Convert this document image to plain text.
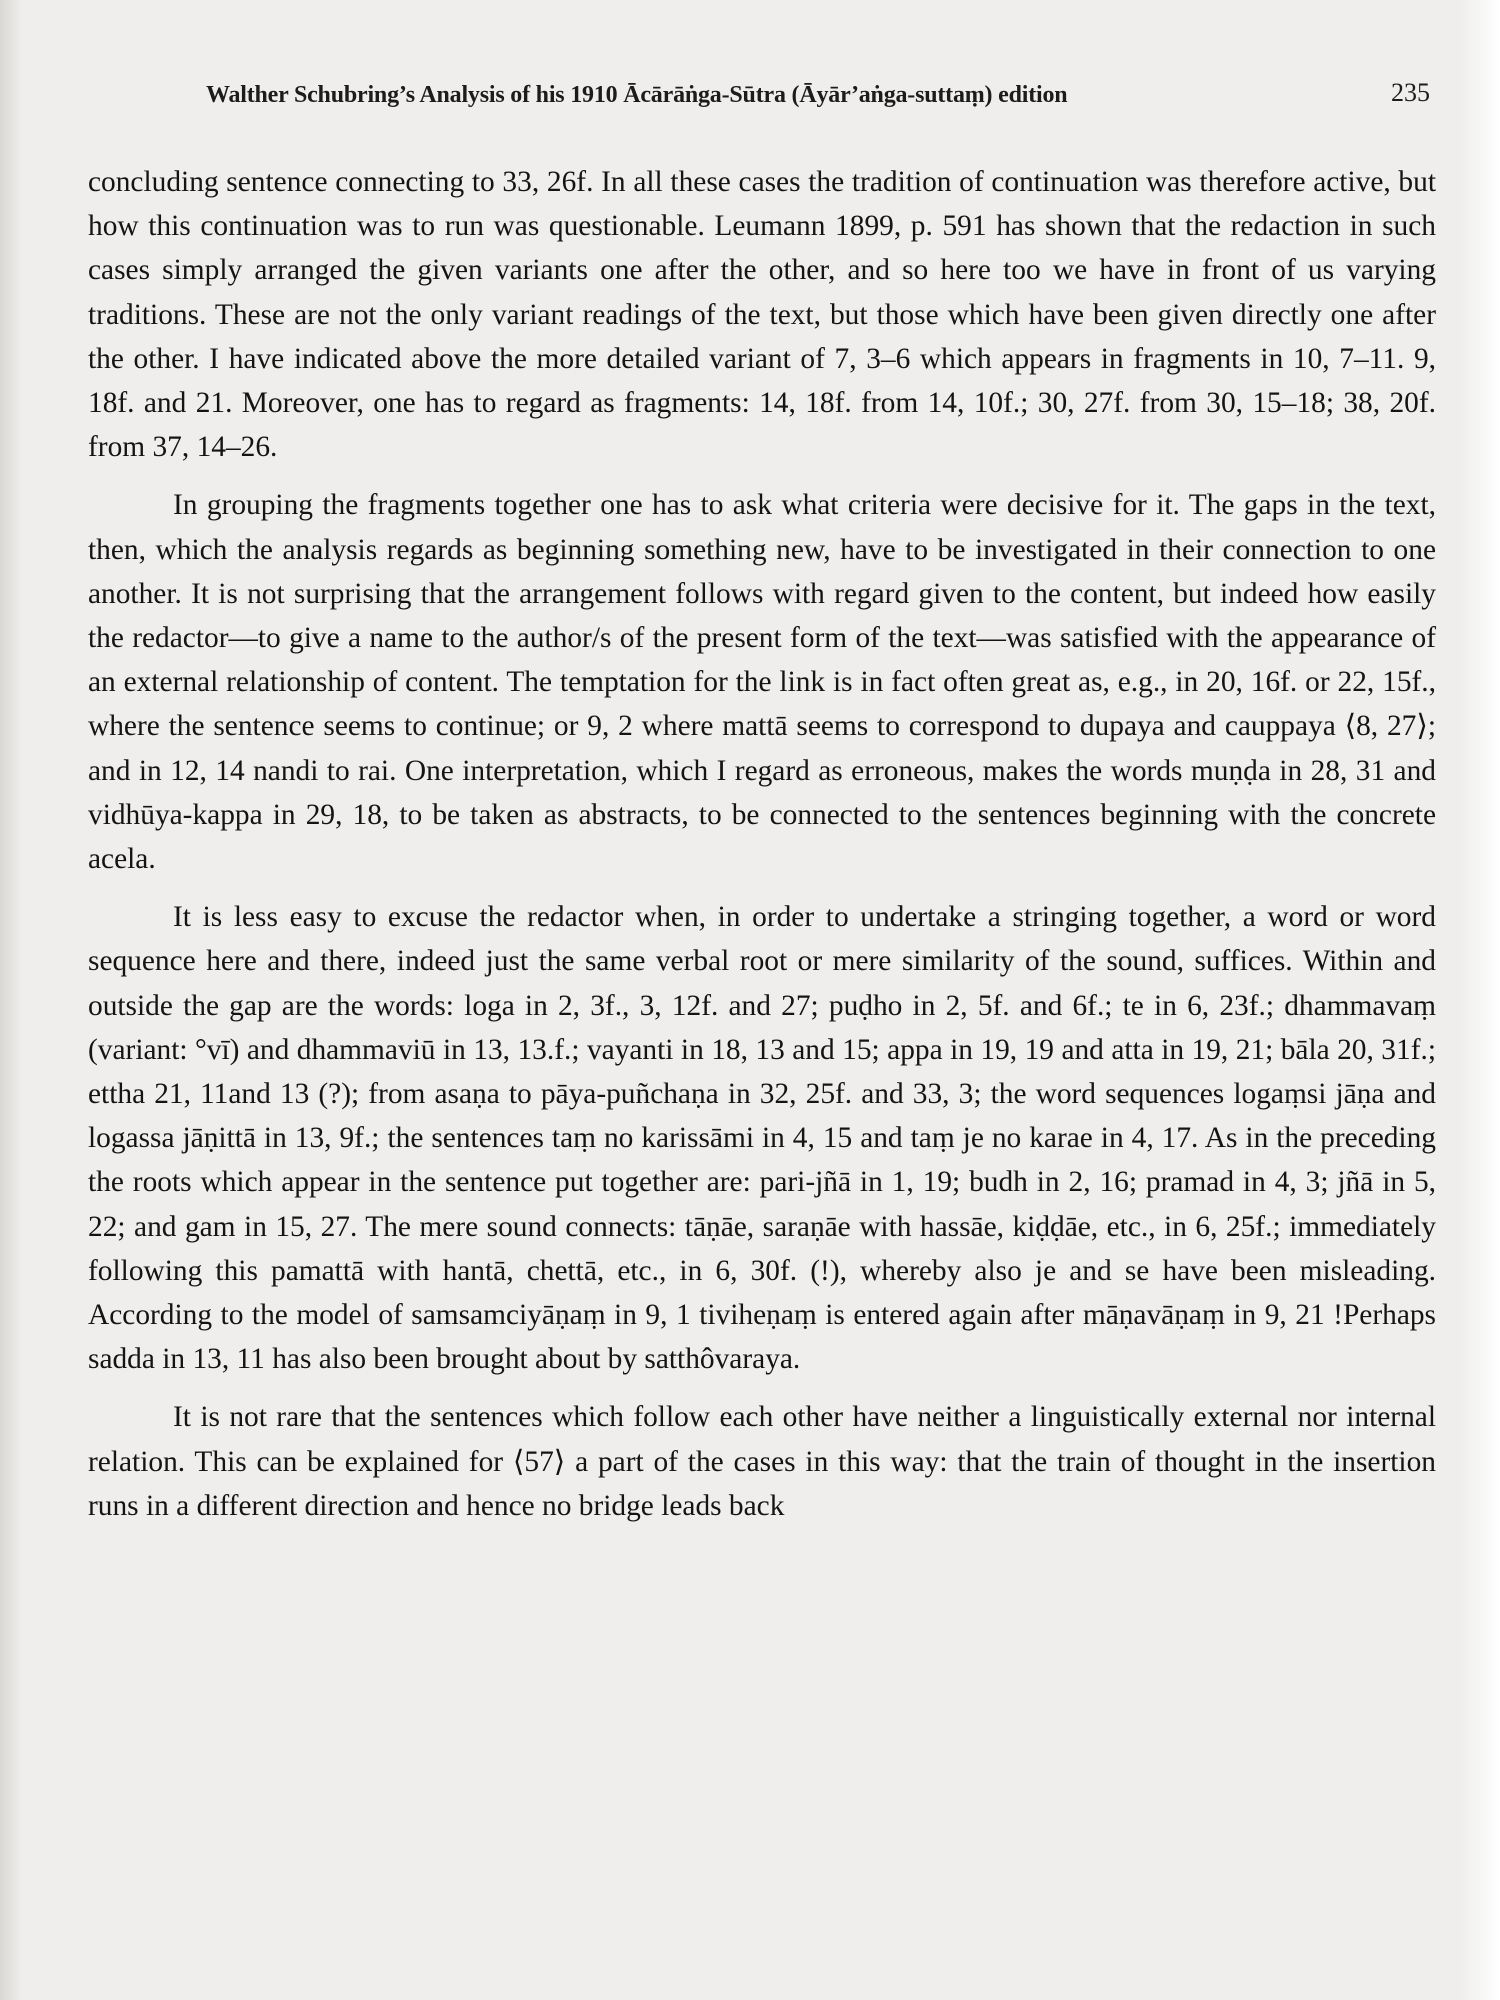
Walther Schubring’s Analysis of his 1910 Ācārāṅga-Sūtra (Āyār’aṅga-suttaṃ) edition	235

concluding sentence connecting to 33, 26f. In all these cases the tradition of continuation was therefore active, but how this continuation was to run was questionable. Leumann 1899, p. 591 has shown that the redaction in such cases simply arranged the given variants one after the other, and so here too we have in front of us varying traditions. These are not the only variant readings of the text, but those which have been given directly one after the other. I have indicated above the more detailed variant of 7, 3–6 which appears in fragments in 10, 7–11. 9, 18f. and 21. Moreover, one has to regard as fragments: 14, 18f. from 14, 10f.; 30, 27f. from 30, 15–18; 38, 20f. from 37, 14–26.

In grouping the fragments together one has to ask what criteria were decisive for it. The gaps in the text, then, which the analysis regards as beginning something new, have to be investigated in their connection to one another. It is not surprising that the arrangement follows with regard given to the content, but indeed how easily the redactor—to give a name to the author/s of the present form of the text—was satisfied with the appearance of an external relationship of content. The temptation for the link is in fact often great as, e.g., in 20, 16f. or 22, 15f., where the sentence seems to continue; or 9, 2 where mattā seems to correspond to dupaya and cauppaya ⟨8, 27⟩; and in 12, 14 nandi to rai. One interpretation, which I regard as erroneous, makes the words muṇḍa in 28, 31 and vidhūya-kappa in 29, 18, to be taken as abstracts, to be connected to the sentences beginning with the concrete acela.

It is less easy to excuse the redactor when, in order to undertake a stringing together, a word or word sequence here and there, indeed just the same verbal root or mere similarity of the sound, suffices. Within and outside the gap are the words: loga in 2, 3f., 3, 12f. and 27; puḍho in 2, 5f. and 6f.; te in 6, 23f.; dhammavaṃ (variant: °vī) and dhammaviū in 13, 13.f.; vayanti in 18, 13 and 15; appa in 19, 19 and atta in 19, 21; bāla 20, 31f.; ettha 21, 11and 13 (?); from asaṇa to pāya-puñchaṇa in 32, 25f. and 33, 3; the word sequences logaṃsi jāṇa and logassa jāṇittā in 13, 9f.; the sentences taṃ no karissāmi in 4, 15 and taṃ je no karae in 4, 17. As in the preceding the roots which appear in the sentence put together are: pari-jñā in 1, 19; budh in 2, 16; pramad in 4, 3; jñā in 5, 22; and gam in 15, 27. The mere sound connects: tāṇāe, saraṇāe with hassāe, kiḍḍāe, etc., in 6, 25f.; immediately following this pamattā with hantā, chettā, etc., in 6, 30f. (!), whereby also je and se have been misleading. According to the model of samsamciyāṇaṃ in 9, 1 tiviheṇaṃ is entered again after māṇavāṇaṃ in 9, 21 !Perhaps sadda in 13, 11 has also been brought about by satthôvaraya.

It is not rare that the sentences which follow each other have neither a linguistically external nor internal relation. This can be explained for ⟨57⟩ a part of the cases in this way: that the train of thought in the insertion runs in a different direction and hence no bridge leads back
